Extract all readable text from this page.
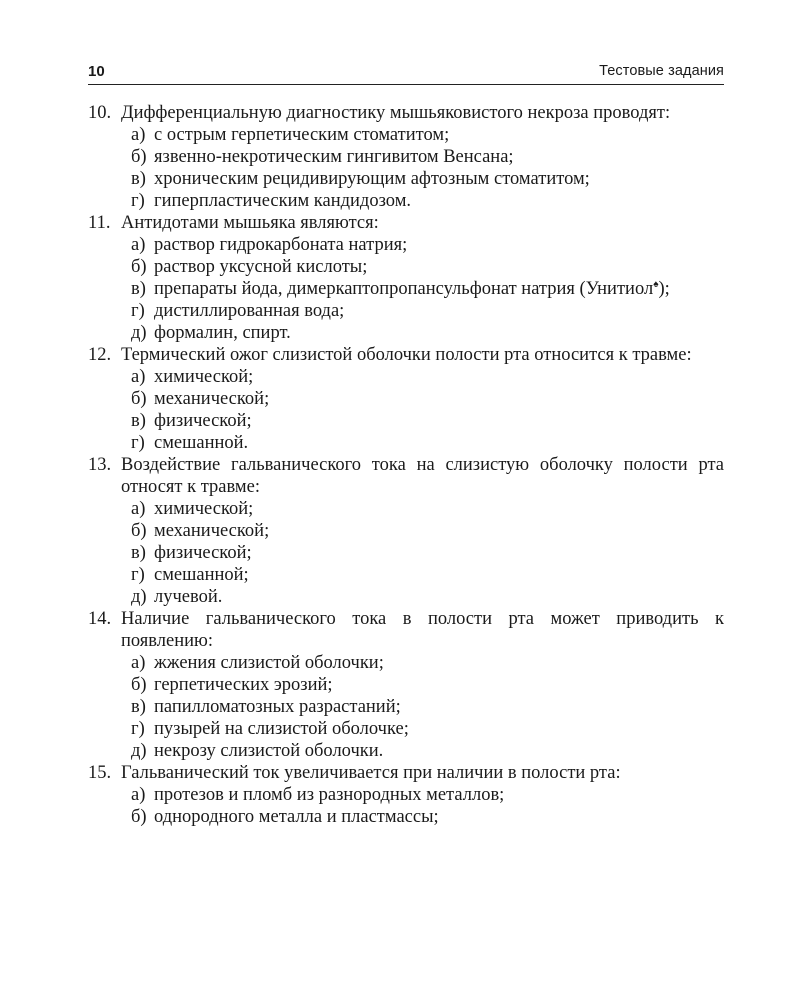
10	Тестовые задания
10. Дифференциальную диагностику мышьяковистого некроза проводят:
а) с острым герпетическим стоматитом;
б) язвенно-некротическим гингивитом Венсана;
в) хроническим рецидивирующим афтозным стоматитом;
г) гиперпластическим кандидозом.
11. Антидотами мышьяка являются:
а) раствор гидрокарбоната натрия;
б) раствор уксусной кислоты;
в) препараты йода, димеркаптопропансульфонат натрия (Унитиол♠);
г) дистиллированная вода;
д) формалин, спирт.
12. Термический ожог слизистой оболочки полости рта относится к травме:
а) химической;
б) механической;
в) физической;
г) смешанной.
13. Воздействие гальванического тока на слизистую оболочку полости рта относят к травме:
а) химической;
б) механической;
в) физической;
г) смешанной;
д) лучевой.
14. Наличие гальванического тока в полости рта может приводить к появлению:
а) жжения слизистой оболочки;
б) герпетических эрозий;
в) папилломатозных разрастаний;
г) пузырей на слизистой оболочке;
д) некрозу слизистой оболочки.
15. Гальванический ток увеличивается при наличии в полости рта:
а) протезов и пломб из разнородных металлов;
б) однородного металла и пластмассы;
